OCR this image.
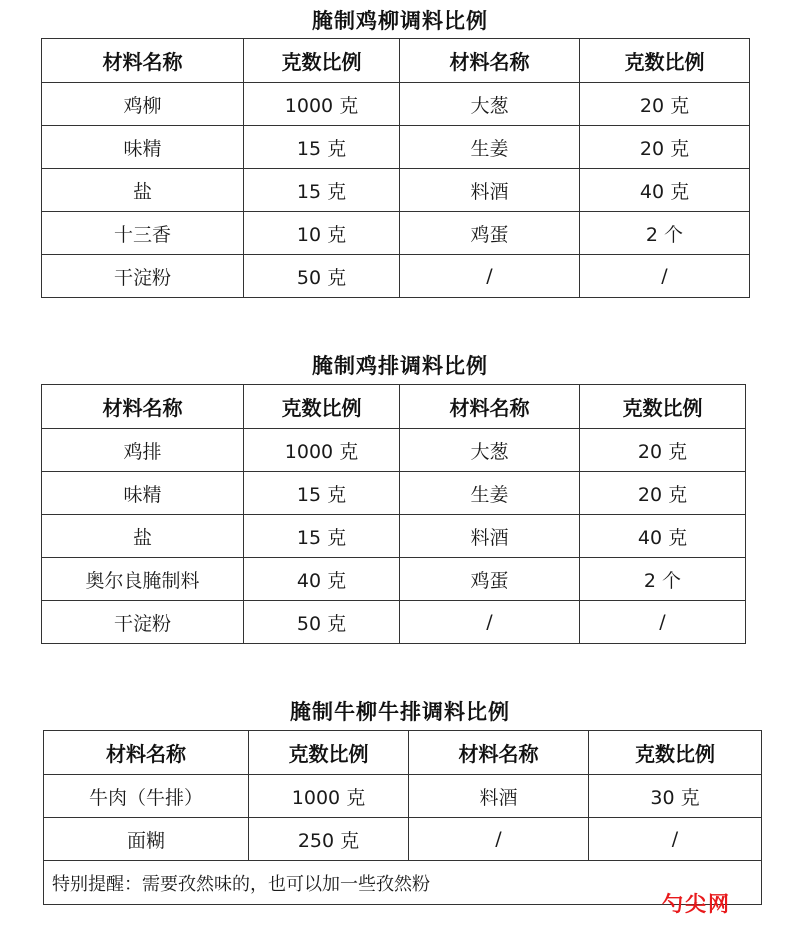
腌制鸡柳调料比例
材料名称	克数比例	材料名称	克数比例
鸡柳	1000 克	大葱	20 克
味精	15 克	生姜	20 克
盐	15 克	料酒	40 克
十三香	10 克	鸡蛋	2 个
干淀粉	50 克	/	/
腌制鸡排调料比例
材料名称	克数比例	材料名称	克数比例
鸡排	1000 克	大葱	20 克
味精	15 克	生姜	20 克
盐	15 克	料酒	40 克
奥尔良腌制料	40 克	鸡蛋	2 个
干淀粉	50 克	/	/
腌制牛柳牛排调料比例
材料名称	克数比例	材料名称	克数比例
牛肉（牛排）	1000 克	料酒	30 克
面糊	250 克	/	/
特别提醒：需要孜然味的，也可以加一些孜然粉			
勺尖网
